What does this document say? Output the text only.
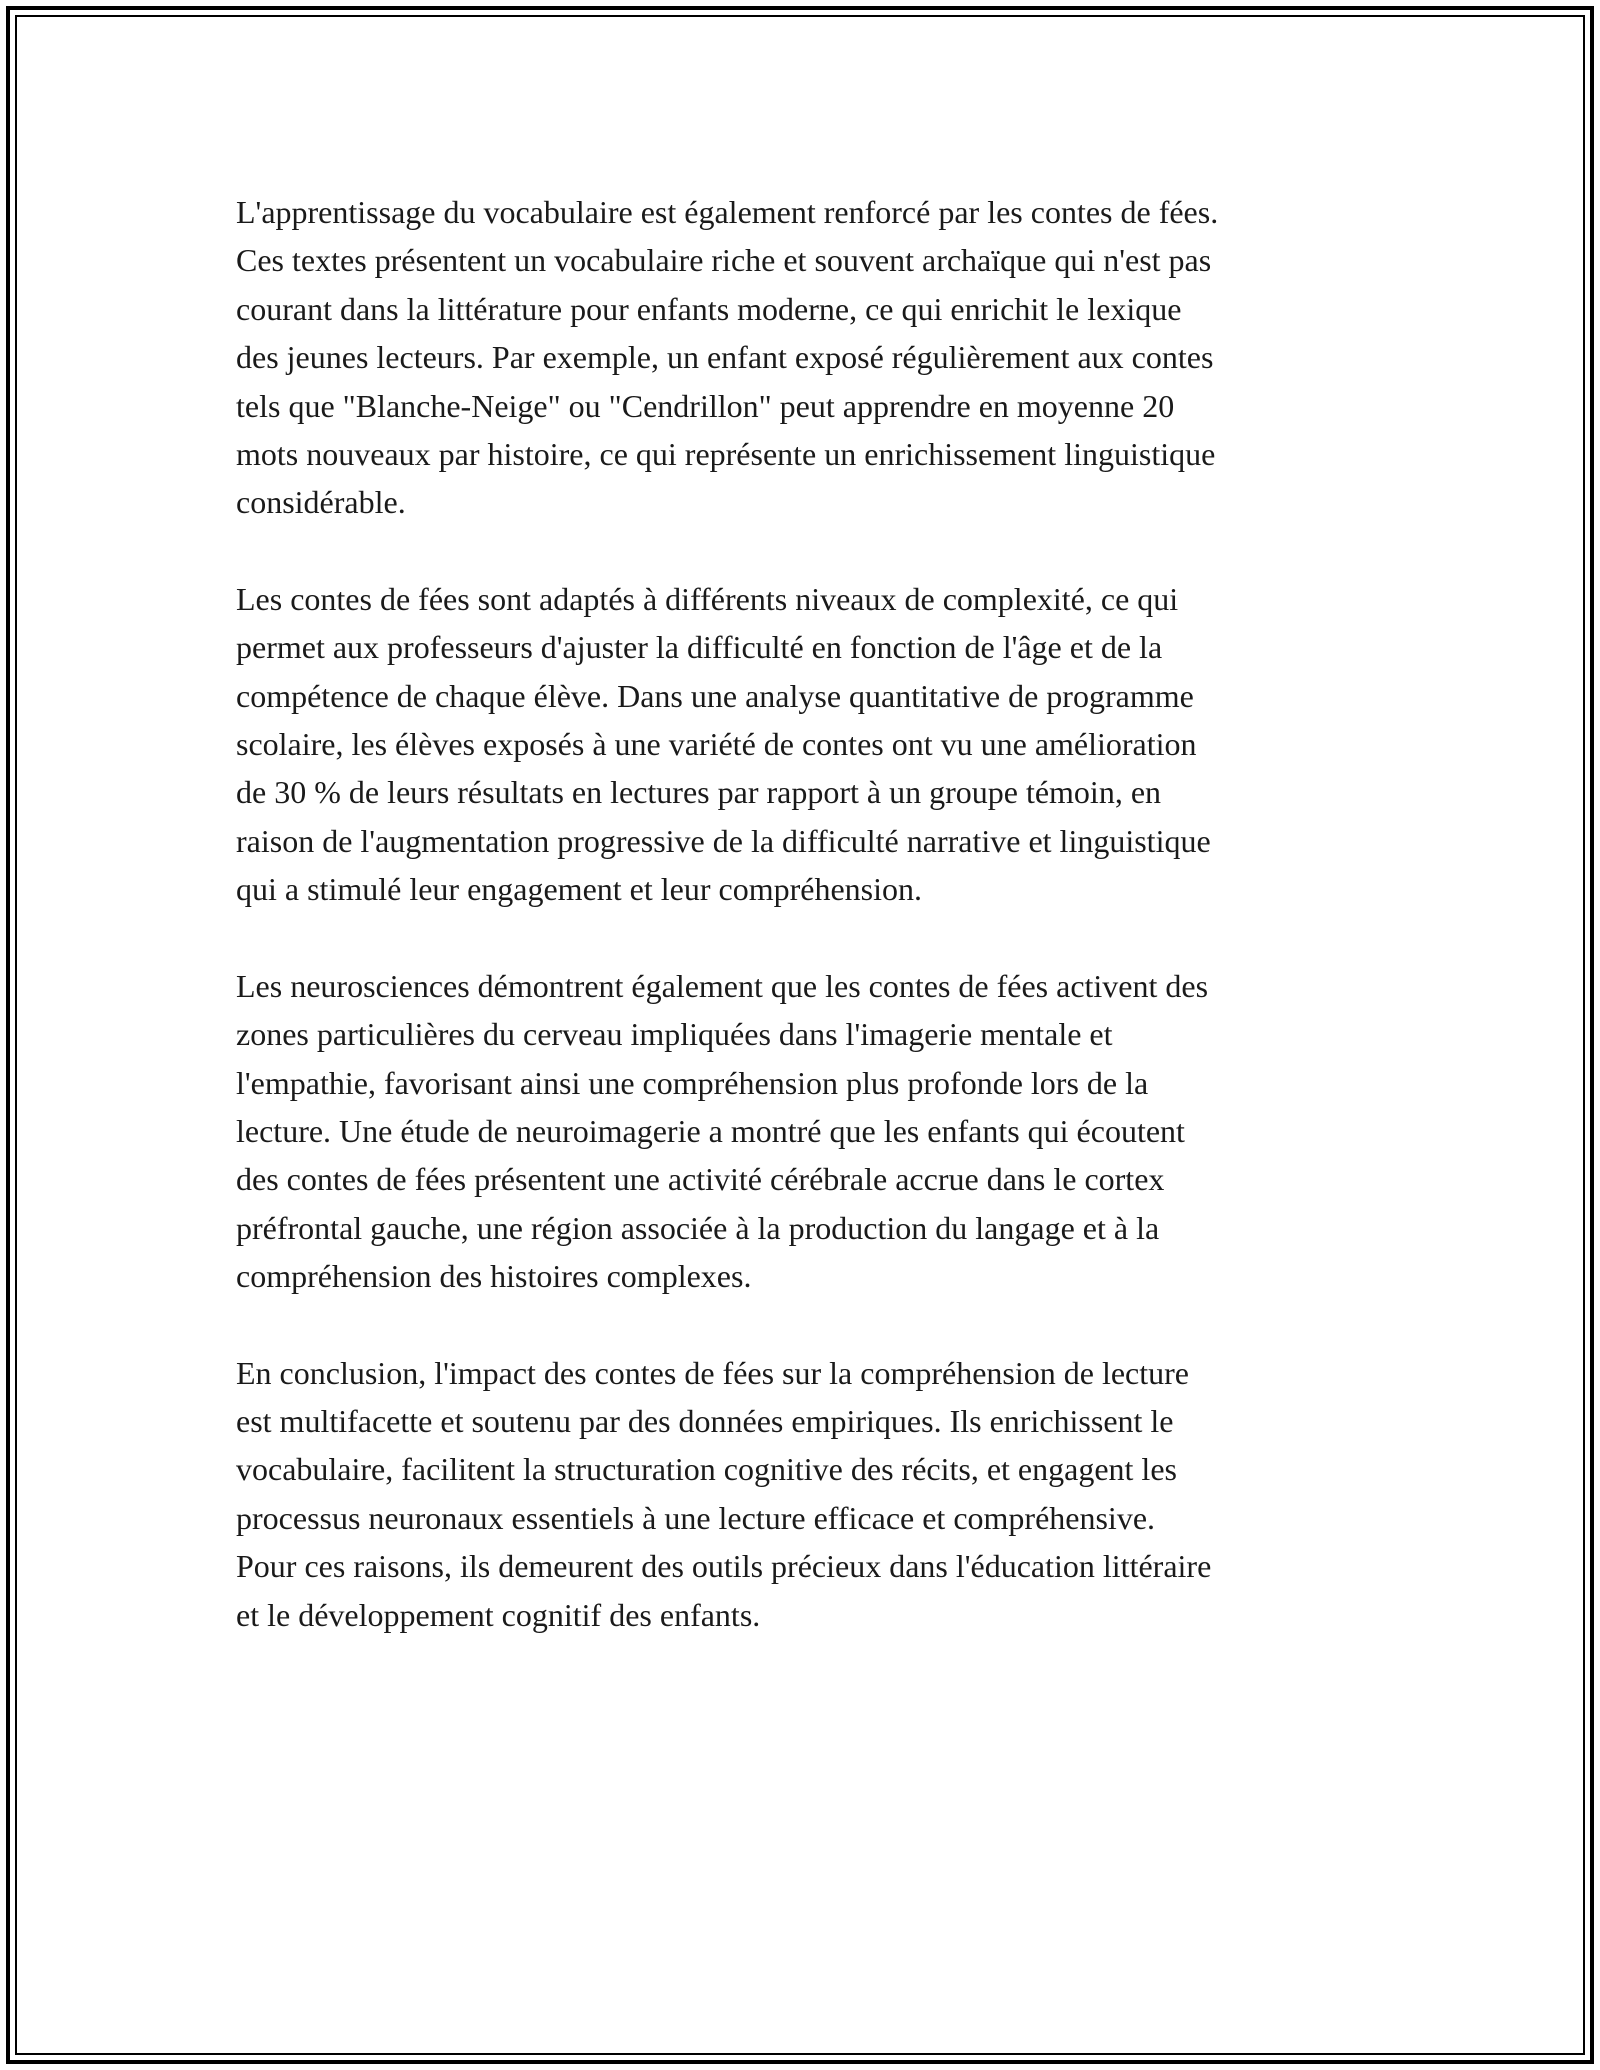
L'apprentissage du vocabulaire est également renforcé par les contes de fées.
Ces textes présentent un vocabulaire riche et souvent archaïque qui n'est pas
courant dans la littérature pour enfants moderne, ce qui enrichit le lexique
des jeunes lecteurs. Par exemple, un enfant exposé régulièrement aux contes
tels que "Blanche-Neige" ou "Cendrillon" peut apprendre en moyenne 20
mots nouveaux par histoire, ce qui représente un enrichissement linguistique
considérable.

Les contes de fées sont adaptés à différents niveaux de complexité, ce qui
permet aux professeurs d'ajuster la difficulté en fonction de l'âge et de la
compétence de chaque élève. Dans une analyse quantitative de programme
scolaire, les élèves exposés à une variété de contes ont vu une amélioration
de 30 % de leurs résultats en lectures par rapport à un groupe témoin, en
raison de l'augmentation progressive de la difficulté narrative et linguistique
qui a stimulé leur engagement et leur compréhension.

Les neurosciences démontrent également que les contes de fées activent des
zones particulières du cerveau impliquées dans l'imagerie mentale et
l'empathie, favorisant ainsi une compréhension plus profonde lors de la
lecture. Une étude de neuroimagerie a montré que les enfants qui écoutent
des contes de fées présentent une activité cérébrale accrue dans le cortex
préfrontal gauche, une région associée à la production du langage et à la
compréhension des histoires complexes.

En conclusion, l'impact des contes de fées sur la compréhension de lecture
est multifacette et soutenu par des données empiriques. Ils enrichissent le
vocabulaire, facilitent la structuration cognitive des récits, et engagent les
processus neuronaux essentiels à une lecture efficace et compréhensive.
Pour ces raisons, ils demeurent des outils précieux dans l'éducation littéraire
et le développement cognitif des enfants.
